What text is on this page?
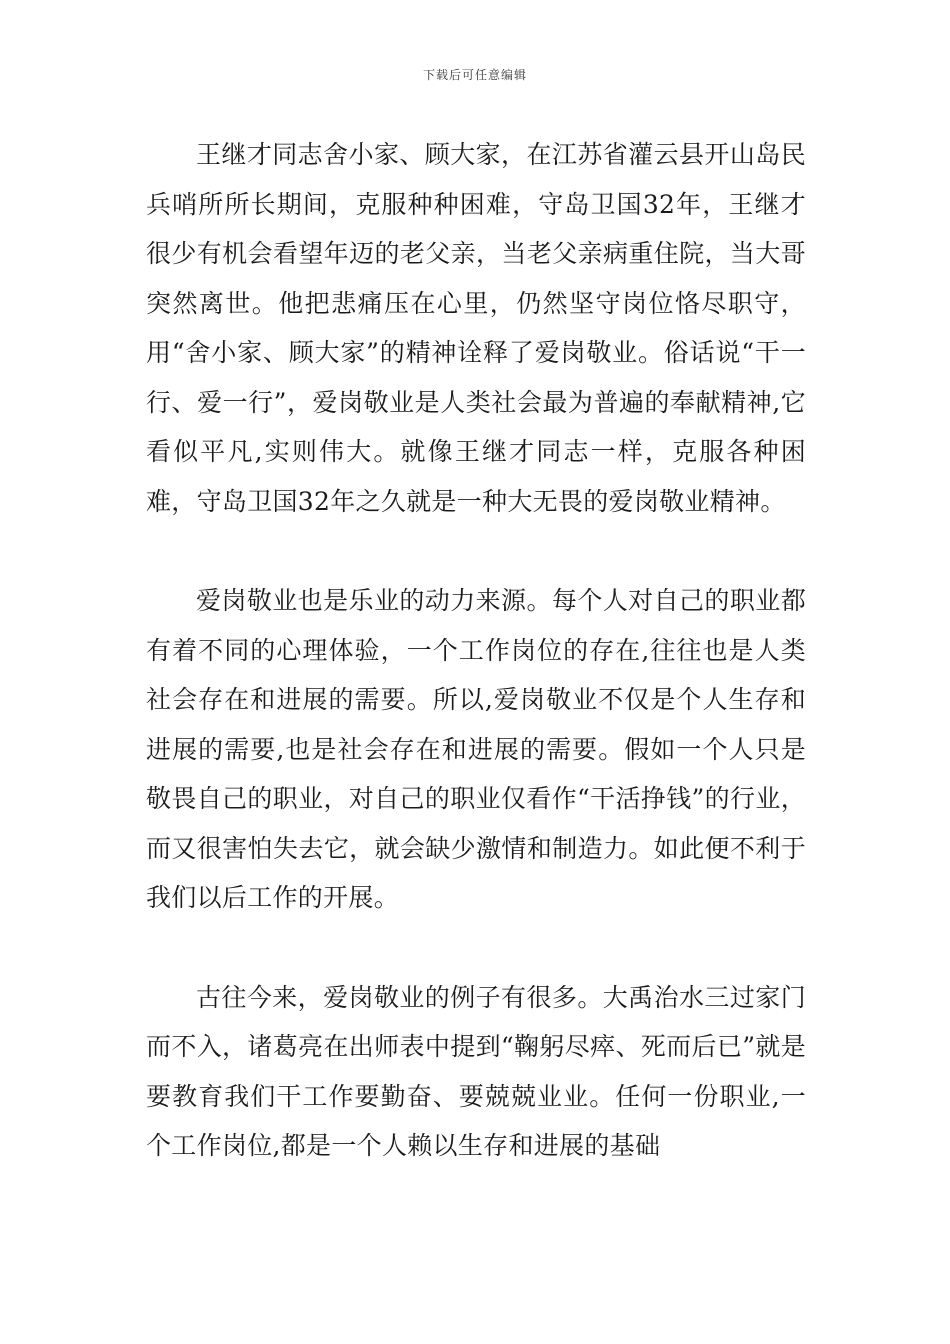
下载后可任意编辑

王继才同志舍小家、顾大家，在江苏省灌云县开山岛民兵哨所所长期间，克服种种困难，守岛卫国32年，王继才很少有机会看望年迈的老父亲，当老父亲病重住院，当大哥突然离世。他把悲痛压在心里，仍然坚守岗位恪尽职守，用“舍小家、顾大家”的精神诠释了爱岗敬业。俗话说“干一行、爱一行”，爱岗敬业是人类社会最为普遍的奉献精神,它看似平凡,实则伟大。就像王继才同志一样，克服各种困难，守岛卫国32年之久就是一种大无畏的爱岗敬业精神。

爱岗敬业也是乐业的动力来源。每个人对自己的职业都有着不同的心理体验，一个工作岗位的存在,往往也是人类社会存在和进展的需要。所以,爱岗敬业不仅是个人生存和进展的需要,也是社会存在和进展的需要。假如一个人只是敬畏自己的职业，对自己的职业仅看作“干活挣钱”的行业，而又很害怕失去它，就会缺少激情和制造力。如此便不利于我们以后工作的开展。

古往今来，爱岗敬业的例子有很多。大禹治水三过家门而不入，诸葛亮在出师表中提到“鞠躬尽瘁、死而后已”就是要教育我们干工作要勤奋、要兢兢业业。任何一份职业,一个工作岗位,都是一个人赖以生存和进展的基础
